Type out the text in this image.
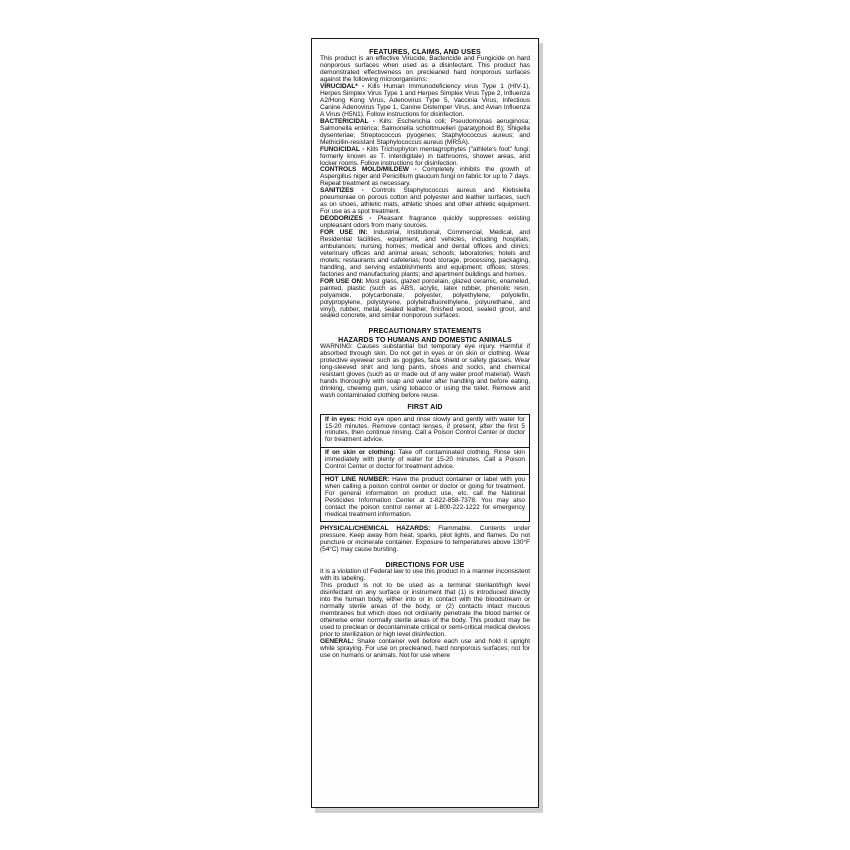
FEATURES, CLAIMS, AND USES

This product is an effective Virucide, Bactericide and Fungicide on hard nonporous surfaces when used as a disinfectant. This product has demonstrated effectiveness on precleaned hard nonporous surfaces against the following microorganisms:

VIRUCIDAL* - Kills Human Immunodeficiency virus Type 1 (HIV-1), Herpes Simplex Virus Type 1 and Herpes Simplex Virus Type 2, Influenza A2/Hong Kong Virus, Adenovirus Type 5, Vaccinia Virus, Infectious Canine Adenovirus Type 1, Canine Distemper Virus, and Avian Influenza A Virus (H5N1). Follow instructions for disinfection.

BACTERICIDAL - Kills: Escherichia coli; Pseudomonas aeruginosa; Salmonella enterica; Salmonella schottmuelleri (paratyphoid B); Shigella dysenteriae; Streptococcus pyogenes; Staphylococcus aureus; and Methicillin-resistant Staphylococcus aureus (MRSA).

FUNGICIDAL - Kills Trichophyton mentagrophytes ("athlete's foot" fungi; formerly known as T. interdigitale) in bathrooms, shower areas, and locker rooms. Follow instructions for disinfection.

CONTROLS MOLD/MILDEW - Completely inhibits the growth of Aspergillus niger and Penicillium glaucum fungi on fabric for up to 7 days. Repeat treatment as necessary.

SANITIZES - Controls Staphylococcus aureus and Klebsiella pneumoniae on porous cotton and polyester and leather surfaces, such as on shoes, athletic mats, athletic shoes and other athletic equipment. For use as a spot treatment.

DEODORIZES - Pleasant fragrance quickly suppresses existing unpleasant odors from many sources.

FOR USE IN: Industrial, Institutional, Commercial, Medical, and Residential facilities, equipment, and vehicles, including hospitals; ambulances; nursing homes; medical and dental offices and clinics; veterinary offices and animal areas; schools; laboratories; hotels and motels; restaurants and cafeterias; food storage, processing, packaging, handling, and serving establishments and equipment; offices; stores; factories and manufacturing plants; and apartment buildings and homes.

FOR USE ON: Most glass, glazed porcelain, glazed ceramic, enameled, painted, plastic (such as ABS, acrylic, latex rubber, phenolic resin, polyamide, polycarbonate, polyester, polyethylene, polyolefin, polypropylene, polystyrene, polytetrafluorethylene, polyurethane, and vinyl), rubber, metal, sealed leather, finished wood, sealed grout, and sealed concrete, and similar nonporous surfaces.

PRECAUTIONARY STATEMENTS
HAZARDS TO HUMANS AND DOMESTIC ANIMALS

WARNING: Causes substantial but temporary eye injury. Harmful if absorbed through skin. Do not get in eyes or on skin or clothing. Wear protective eyewear such as goggles, face shield or safety glasses. Wear long-sleeved shirt and long pants, shoes and socks, and chemical resistant gloves (such as or made out of any water proof material). Wash hands thoroughly with soap and water after handling and before eating, drinking, chewing gum, using tobacco or using the toilet. Remove and wash contaminated clothing before reuse.

FIRST AID
If in eyes: Hold eye open and rinse slowly and gently with water for 15-20 minutes. Remove contact lenses, if present, after the first 5 minutes, then continue rinsing. Call a Poison Control Center or doctor for treatment advice.
If on skin or clothing: Take off contaminated clothing. Rinse skin immediately with plenty of water for 15-20 minutes. Call a Poison Control Center or doctor for treatment advice.
HOT LINE NUMBER: Have the product container or label with you when calling a poison control center or doctor or going for treatment. For general information on product use, etc. call the National Pesticides Information Center at 1-822-858-7378. You may also contact the poison control center at 1-800-222-1222 for emergency medical treatment information.

PHYSICAL/CHEMICAL HAZARDS: Flammable. Contents under pressure. Keep away from heat, sparks, pilot lights, and flames. Do not puncture or incinerate container. Exposure to temperatures above 130°F (54°C) may cause bursting.

DIRECTIONS FOR USE

It is a violation of Federal law to use this product in a manner inconsistent with its labeling.

This product is not to be used as a terminal sterilant/high level disinfectant on any surface or instrument that (1) is introduced directly into the human body, either into or in contact with the bloodstream or normally sterile areas of the body, or (2) contacts intact mucous membranes but which does not ordinarily penetrate the blood barrier or otherwise enter normally sterile areas of the body. This product may be used to preclean or decontaminate critical or semi-critical medical devices prior to sterilization or high level disinfection.

GENERAL: Shake container well before each use and hold it upright while spraying. For use on precleaned, hard nonporous surfaces; not for use on humans or animals. Not for use where
